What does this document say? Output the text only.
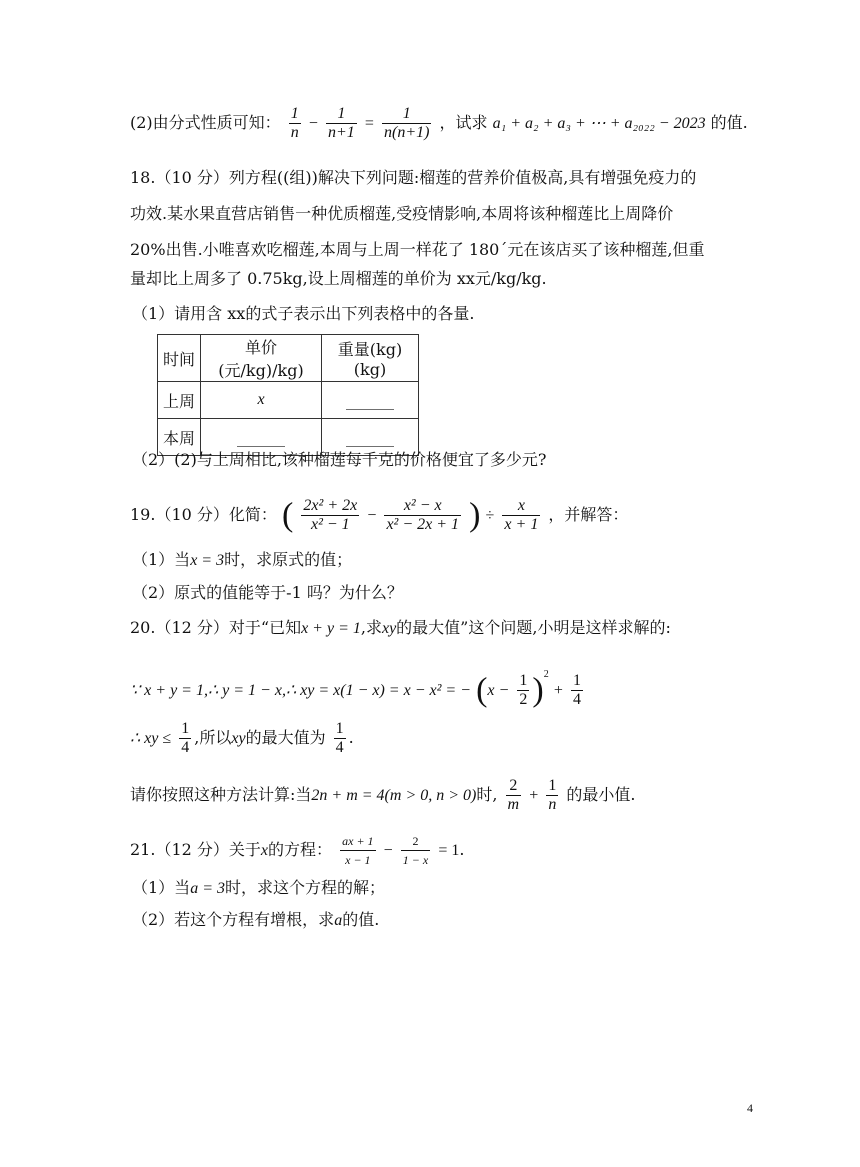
(2)由分式性质可知： $\frac{1}{n} - \frac{1}{n+1} = \frac{1}{n(n+1)}$ ，试求 a₁ + a₂ + a₃ + ⋯ + a₂₀₂₂ − 2023 的值.
18.（10 分）列方程((组))解决下列问题:榴莲的营养价值极高,具有增强免疫力的
功效.某水果直营店销售一种优质榴莲,受疫情影响,本周将该种榴莲比上周降价
20%出售.小唯喜欢吃榴莲,本周与上周一样花了 180´元在该店买了该种榴莲,但重
量却比上周多了 0.75kg,设上周榴莲的单价为 xx元/kg/kg.
（1）请用含 xx的式子表示出下列表格中的各量.
时间	单价(元/kg)/kg)	重量(kg)(kg)
上周	x	______
本周	______	______
（2）(2)与上周相比,该种榴莲每千克的价格便宜了多少元?
19.（10 分）化简： ( $\frac{\text{2x² + 2x}}{\text{x² − 1}} - \frac{\text{x² − x}}{\text{x² − 2x + 1}}$ ) ÷ $\frac{x}{x + 1}$ ，并解答：
（1）当x = 3时，求原式的值；
（2）原式的值能等于-1 吗？为什么？
20.（12 分）对于“已知x + y = 1,求xy的最大值”这个问题,小明是这样求解的:
∵ x + y = 1,∴ y = 1 − x,∴ xy = x(1 − x) = x − x² = − $(x - \frac{1}{2} )^2 + \frac{1}{4}$
∴ xy ≤ $\frac{1}{4}$ ,所以xy的最大值为 $\frac{1}{4}$ .
请你按照这种方法计算:当2n + m = 4(m > 0, n > 0)时, $\frac{2}{m} + \frac{1}{n}$ 的最小值.
21.（12 分）关于x的方程： $\frac{ax + 1}{x - 1} - \frac{2}{1 - x} = 1$.
（1）当a = 3时，求这个方程的解；
（2）若这个方程有增根，求a的值.
4
